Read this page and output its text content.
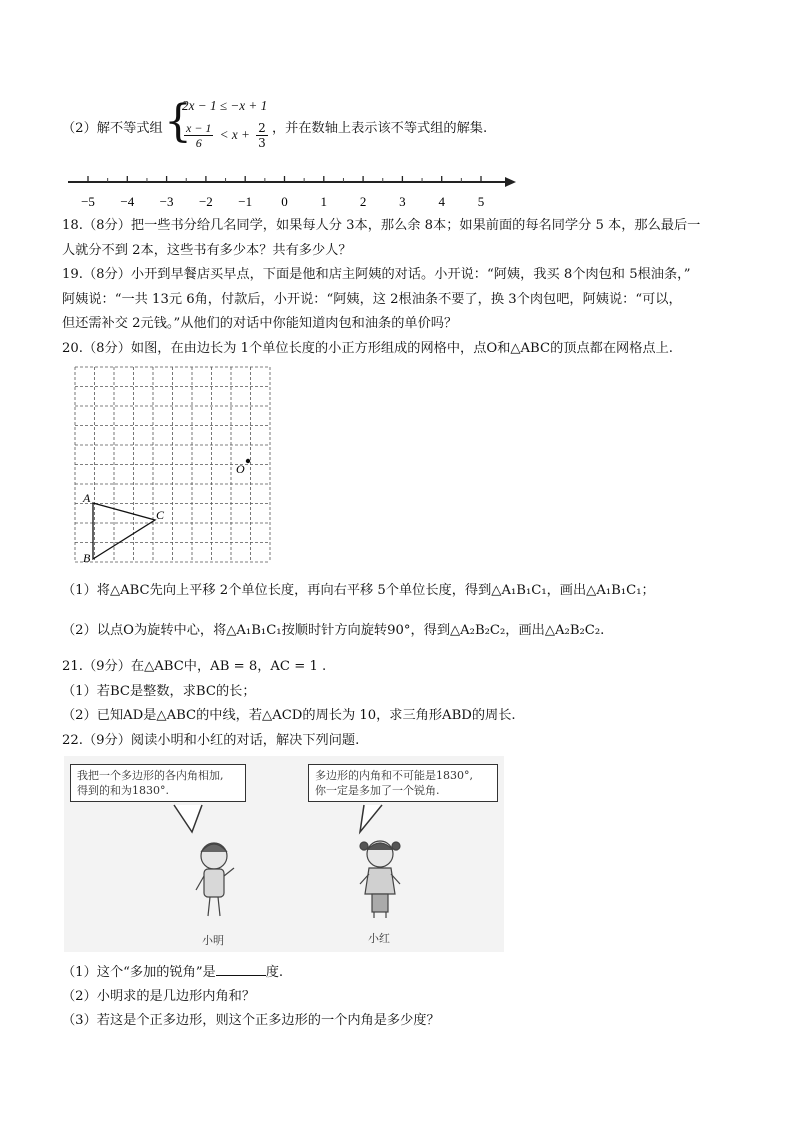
（2）解不等式组 {
2x − 1 ≤ −x + 1
$\frac{x - 1}{6} < x + \frac{2}{3}$ ，并在数轴上表示该不等式组的解集.
−5 −4 −3 −2 −1 0	1	2	3	4	5
18.（8分）把一些书分给几名同学，如果每人分 3本，那么余 8本；如果前面的每名同学分 5 本，那么最后一
人就分不到 2本，这些书有多少本？共有多少人？
19.（8分）小开到早餐店买早点，下面是他和店主阿姨的对话。小开说：“阿姨，我买 8个肉包和 5根油条，”
阿姨说：“一共 13元 6角，付款后，小开说：“阿姨，这 2根油条不要了，换 3个肉包吧，阿姨说：“可以，
但还需补交 2元钱。”从他们的对话中你能知道肉包和油条的单价吗？
20.（8分）如图，在由边长为 1个单位长度的小正方形组成的网格中，点O和△ABC的顶点都在网格点上.
O
A
B
C
（1）将△ABC先向上平移 2个单位长度，再向右平移 5个单位长度，得到△A₁B₁C₁，画出△A₁B₁C₁；
（2）以点O为旋转中心，将△A₁B₁C₁按顺时针方向旋转90°，得到△A₂B₂C₂，画出△A₂B₂C₂.
21.（9分）在△ABC中，AB = 8，AC = 1 .
（1）若BC是整数，求BC的长；
（2）已知AD是△ABC的中线，若△ACD的周长为 10，求三角形ABD的周长.
22.（9分）阅读小明和小红的对话，解决下列问题.
我把一个多边形的各内角相加,
得到的和为1830°.
多边形的内角和不可能是1830°,
你一定是多加了一个锐角.
小明	小红
（1）这个“多加的锐角”是	度.
（2）小明求的是几边形内角和？
（3）若这是个正多边形，则这个正多边形的一个内角是多少度？
